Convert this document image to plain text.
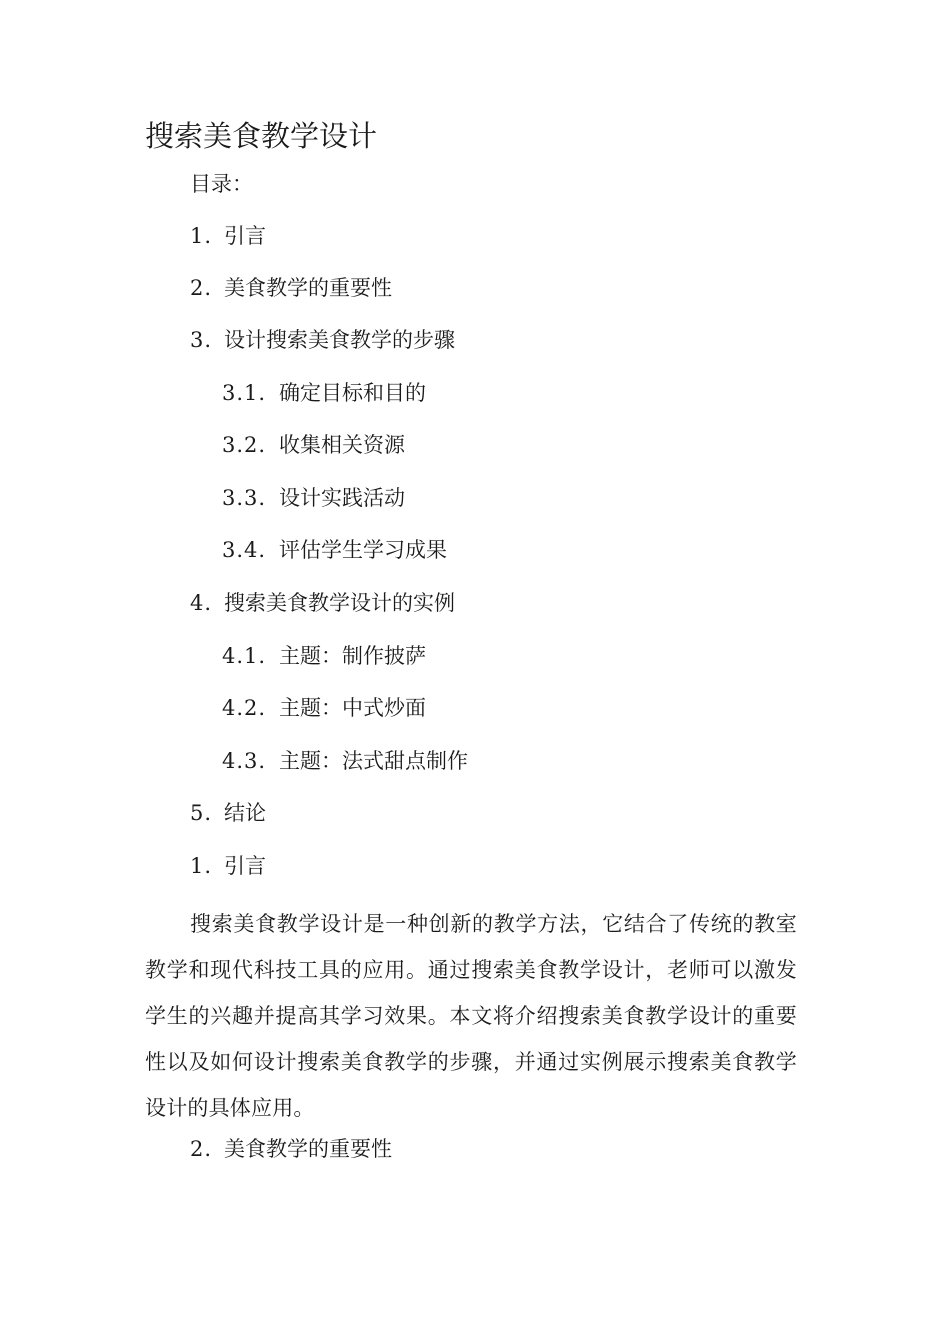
搜索美食教学设计
目录：
1. 引言
2. 美食教学的重要性
3. 设计搜索美食教学的步骤
3.1. 确定目标和目的
3.2. 收集相关资源
3.3. 设计实践活动
3.4. 评估学生学习成果
4. 搜索美食教学设计的实例
4.1. 主题：制作披萨
4.2. 主题：中式炒面
4.3. 主题：法式甜点制作
5. 结论
1. 引言

搜索美食教学设计是一种创新的教学方法，它结合了传统的教室教学和现代科技工具的应用。通过搜索美食教学设计，老师可以激发学生的兴趣并提高其学习效果。本文将介绍搜索美食教学设计的重要性以及如何设计搜索美食教学的步骤，并通过实例展示搜索美食教学设计的具体应用。

2. 美食教学的重要性
